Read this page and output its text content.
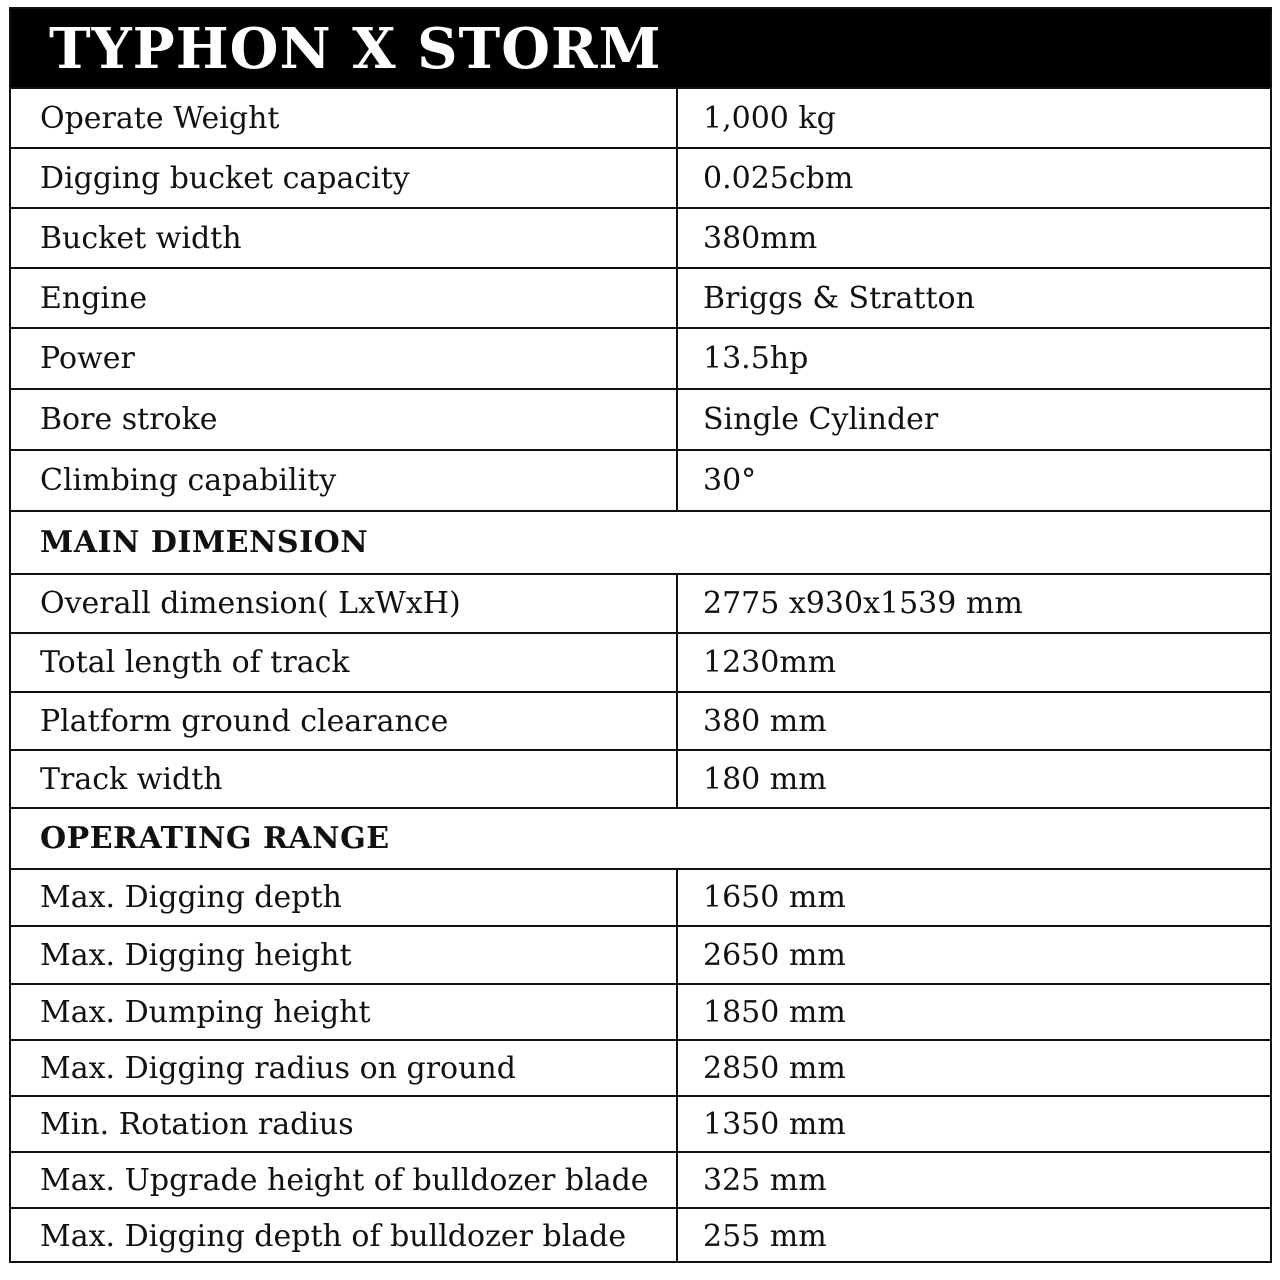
TYPHON X STORM
Operate Weight	1,000 kg
Digging bucket capacity	0.025cbm
Bucket width	380mm
Engine	Briggs & Stratton
Power	13.5hp
Bore stroke	Single Cylinder
Climbing capability	30°
MAIN DIMENSION
Overall dimension( LxWxH)	2775 x930x1539 mm
Total length of track	1230mm
Platform ground clearance	380 mm
Track width	180 mm
OPERATING RANGE
Max. Digging depth	1650 mm
Max. Digging height	2650 mm
Max. Dumping height	1850 mm
Max. Digging radius on ground	2850 mm
Min. Rotation radius	1350 mm
Max. Upgrade height of bulldozer blade	325 mm
Max. Digging depth of bulldozer blade	255 mm
